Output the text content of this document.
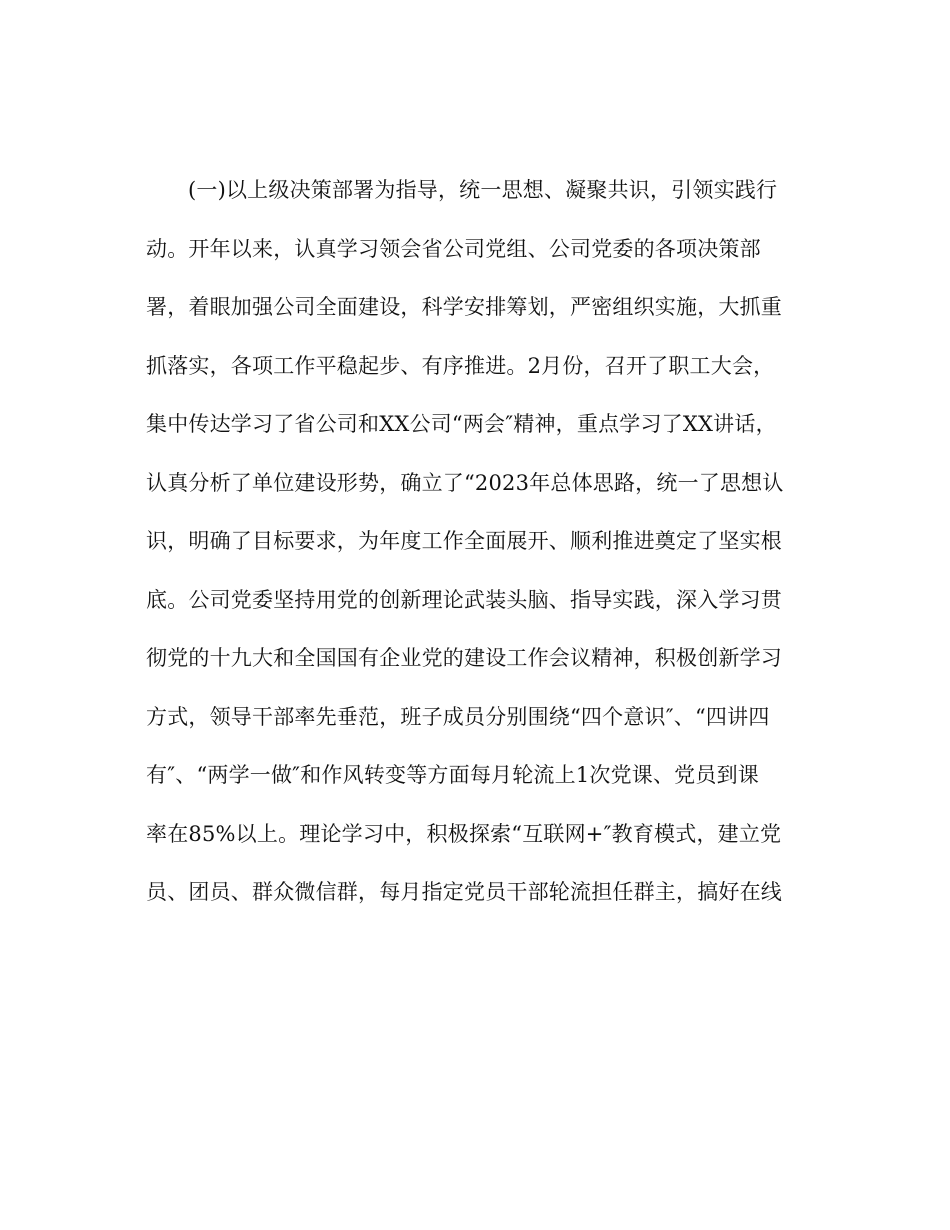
(一)以上级决策部署为指导，统一思想、凝聚共识，引领实践行
动。开年以来，认真学习领会省公司党组、公司党委的各项决策部
署，着眼加强公司全面建设，科学安排筹划，严密组织实施，大抓重
抓落实，各项工作平稳起步、有序推进。2月份，召开了职工大会，
集中传达学习了省公司和XX公司“两会″精神，重点学习了XX讲话，
认真分析了单位建设形势，确立了“2023年总体思路，统一了思想认
识，明确了目标要求，为年度工作全面展开、顺利推进奠定了坚实根
底。公司党委坚持用党的创新理论武装头脑、指导实践，深入学习贯
彻党的十九大和全国国有企业党的建设工作会议精神，积极创新学习
方式，领导干部率先垂范，班子成员分别围绕“四个意识″、“四讲四
有″、“两学一做″和作风转变等方面每月轮流上1次党课、党员到课
率在85%以上。理论学习中，积极探索“互联网+″教育模式，建立党
员、团员、群众微信群，每月指定党员干部轮流担任群主，搞好在线
